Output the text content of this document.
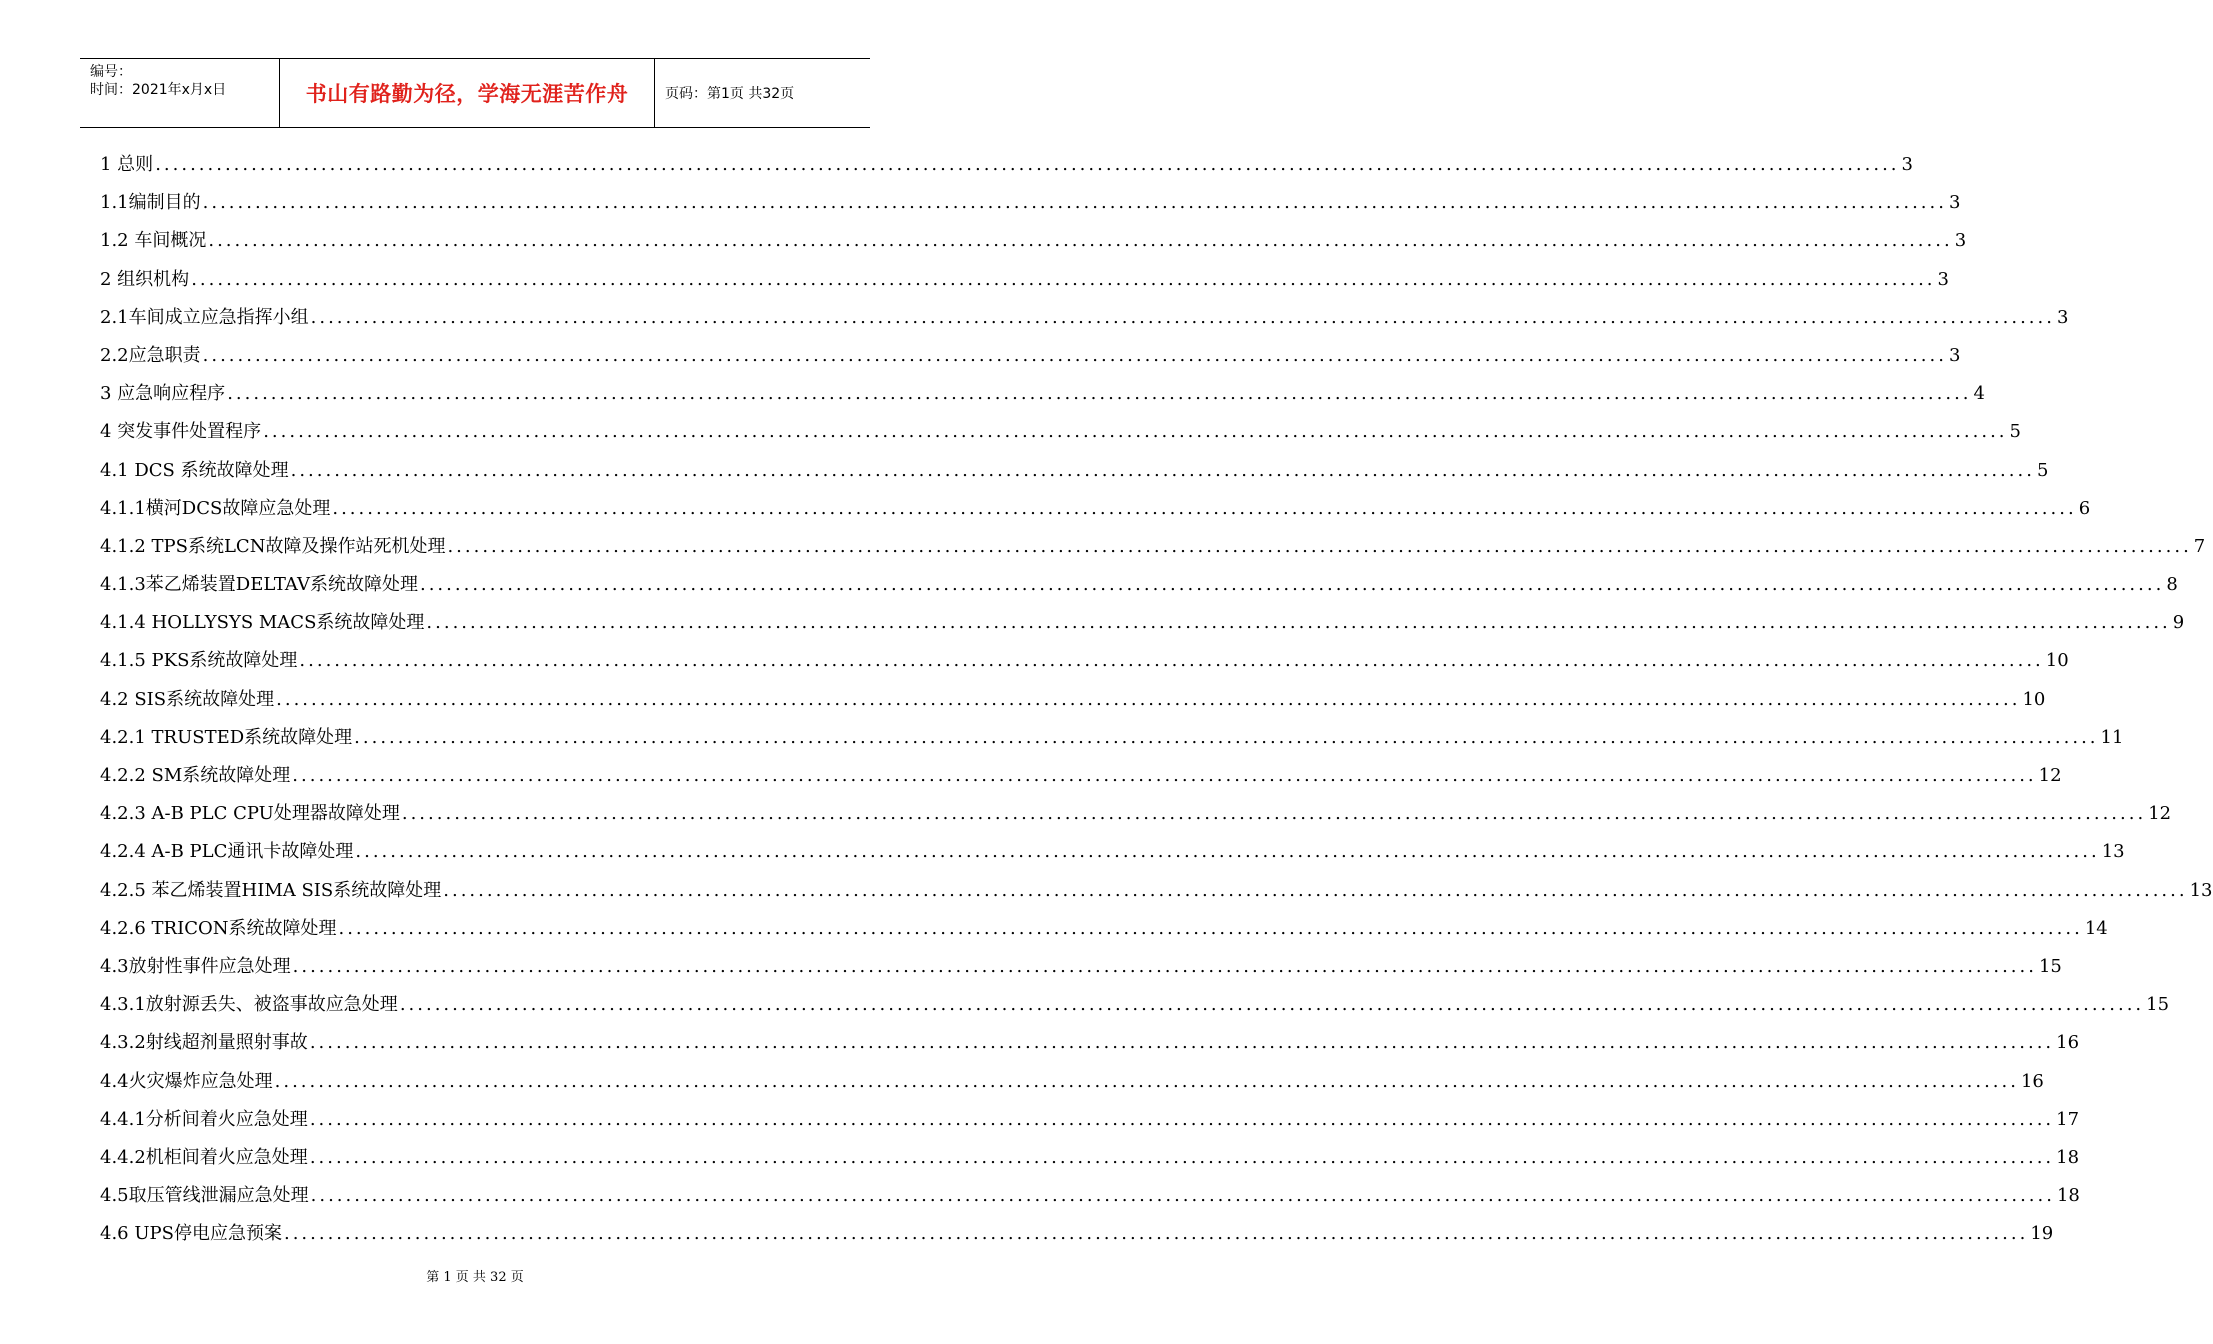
编号：
时间：2021年x月x日	书山有路勤为径，学海无涯苦作舟	页码：第1页 共32页
1 总则 ........................................................................................................................................................................................................ 3
1.1编制目的 ........................................................................................................................................................................................................ 3
1.2 车间概况 ........................................................................................................................................................................................................ 3
2 组织机构 ........................................................................................................................................................................................................ 3
2.1车间成立应急指挥小组 ........................................................................................................................................................................................................ 3
2.2应急职责 ........................................................................................................................................................................................................ 3
3 应急响应程序 ........................................................................................................................................................................................................ 4
4 突发事件处置程序 ........................................................................................................................................................................................................ 5
4.1 DCS 系统故障处理 ........................................................................................................................................................................................................ 5
4.1.1横河DCS故障应急处理 ........................................................................................................................................................................................................ 6
4.1.2 TPS系统LCN故障及操作站死机处理 ........................................................................................................................................................................................................ 7
4.1.3苯乙烯装置DELTAV系统故障处理 ........................................................................................................................................................................................................ 8
4.1.4 HOLLYSYS MACS系统故障处理 ........................................................................................................................................................................................................ 9
4.1.5 PKS系统故障处理 ........................................................................................................................................................................................................ 10
4.2 SIS系统故障处理 ........................................................................................................................................................................................................ 10
4.2.1 TRUSTED系统故障处理 ........................................................................................................................................................................................................ 11
4.2.2 SM系统故障处理 ........................................................................................................................................................................................................ 12
4.2.3 A-B PLC CPU处理器故障处理 ........................................................................................................................................................................................................ 12
4.2.4 A-B PLC通讯卡故障处理 ........................................................................................................................................................................................................ 13
4.2.5 苯乙烯装置HIMA SIS系统故障处理 ........................................................................................................................................................................................................ 13
4.2.6 TRICON系统故障处理 ........................................................................................................................................................................................................ 14
4.3放射性事件应急处理 ........................................................................................................................................................................................................ 15
4.3.1放射源丢失、被盗事故应急处理 ........................................................................................................................................................................................................ 15
4.3.2射线超剂量照射事故 ........................................................................................................................................................................................................ 16
4.4火灾爆炸应急处理 ........................................................................................................................................................................................................ 16
4.4.1分析间着火应急处理 ........................................................................................................................................................................................................ 17
4.4.2机柜间着火应急处理 ........................................................................................................................................................................................................ 18
4.5取压管线泄漏应急处理 ........................................................................................................................................................................................................ 18
4.6 UPS停电应急预案 ........................................................................................................................................................................................................ 19
第 1 页 共 32 页
